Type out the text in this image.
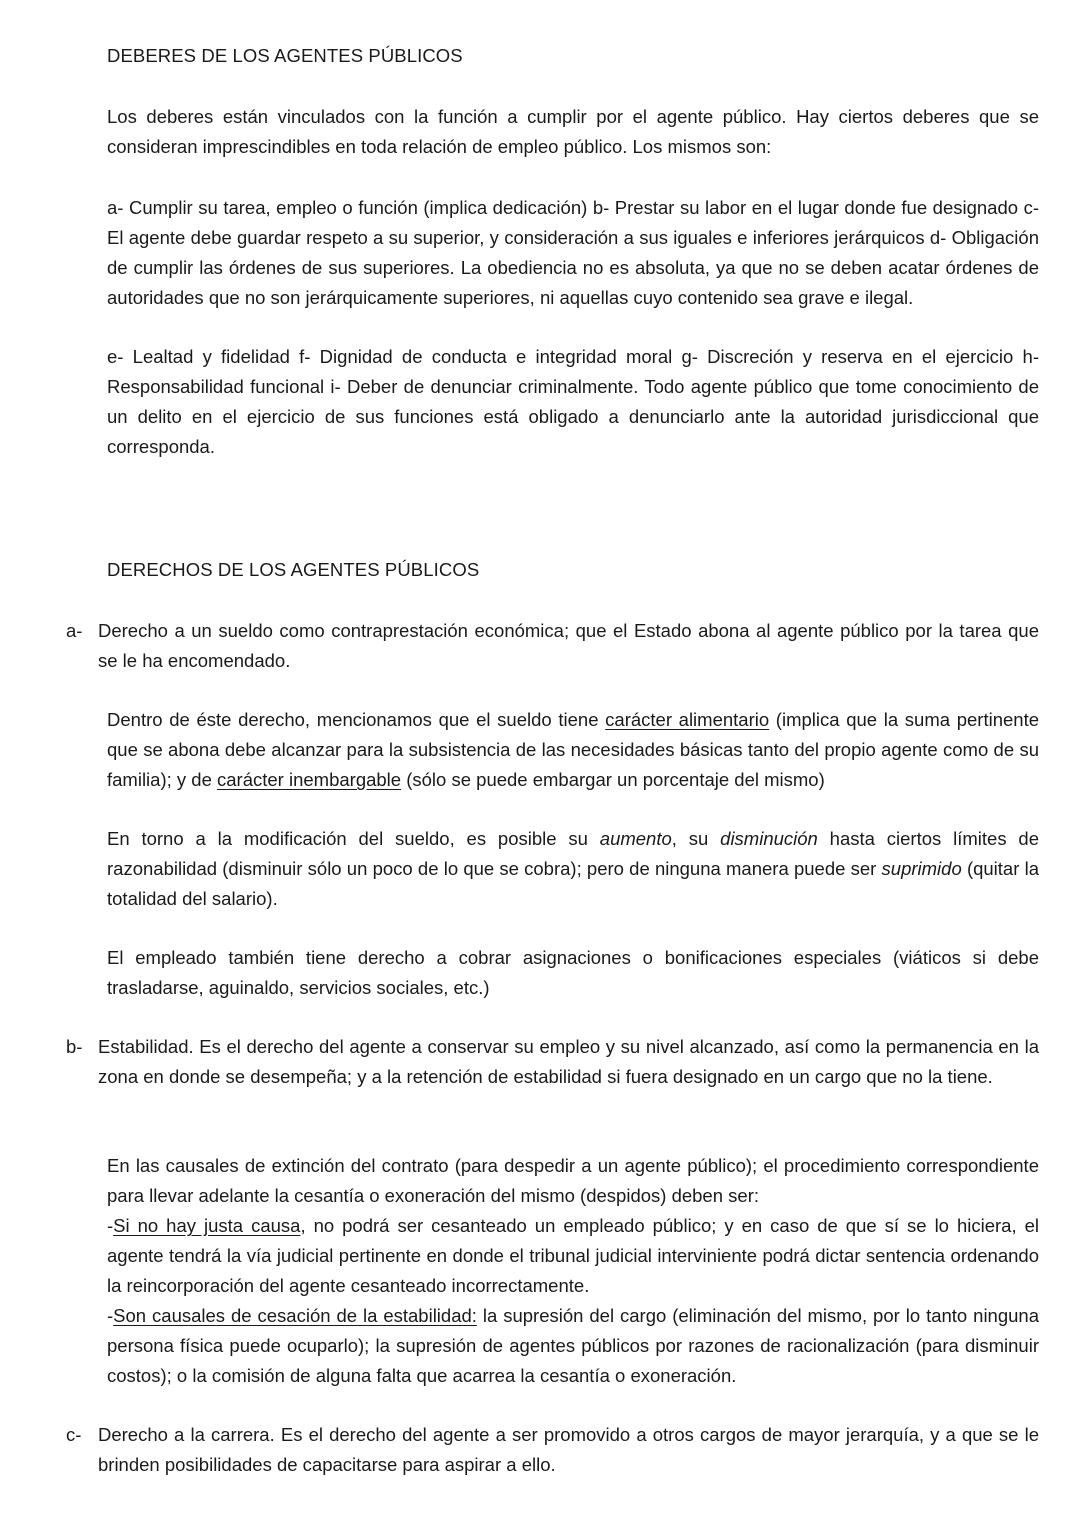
DEBERES DE LOS AGENTES PÚBLICOS

Los deberes están vinculados con la función a cumplir por el agente público. Hay ciertos deberes que se consideran imprescindibles en toda relación de empleo público. Los mismos son:

a- Cumplir su tarea, empleo o función (implica dedicación) b- Prestar su labor en el lugar donde fue designado c- El agente debe guardar respeto a su superior, y consideración a sus iguales e inferiores jerárquicos d- Obligación de cumplir las órdenes de sus superiores. La obediencia no es absoluta, ya que no se deben acatar órdenes de autoridades que no son jerárquicamente superiores, ni aquellas cuyo contenido sea grave e ilegal.

e- Lealtad y fidelidad f- Dignidad de conducta e integridad moral g- Discreción y reserva en el ejercicio h- Responsabilidad funcional i- Deber de denunciar criminalmente. Todo agente público que tome conocimiento de un delito en el ejercicio de sus funciones está obligado a denunciarlo ante la autoridad jurisdiccional que corresponda.

DERECHOS DE LOS AGENTES PÚBLICOS
a- Derecho a un sueldo como contraprestación económica; que el Estado abona al agente público por la tarea que se le ha encomendado.

Dentro de éste derecho, mencionamos que el sueldo tiene carácter alimentario (implica que la suma pertinente que se abona debe alcanzar para la subsistencia de las necesidades básicas tanto del propio agente como de su familia); y de carácter inembargable (sólo se puede embargar un porcentaje del mismo)

En torno a la modificación del sueldo, es posible su aumento, su disminución hasta ciertos límites de razonabilidad (disminuir sólo un poco de lo que se cobra); pero de ninguna manera puede ser suprimido (quitar la totalidad del salario).

El empleado también tiene derecho a cobrar asignaciones o bonificaciones especiales (viáticos si debe trasladarse, aguinaldo, servicios sociales, etc.)

b- Estabilidad. Es el derecho del agente a conservar su empleo y su nivel alcanzado, así como la permanencia en la zona en donde se desempeña; y a la retención de estabilidad si fuera designado en un cargo que no la tiene.
En las causales de extinción del contrato (para despedir a un agente público); el procedimiento correspondiente para llevar adelante la cesantía o exoneración del mismo (despidos) deben ser:
-Si no hay justa causa, no podrá ser cesanteado un empleado público; y en caso de que sí se lo hiciera, el agente tendrá la vía judicial pertinente en donde el tribunal judicial interviniente podrá dictar sentencia ordenando la reincorporación del agente cesanteado incorrectamente.
-Son causales de cesación de la estabilidad: la supresión del cargo (eliminación del mismo, por lo tanto ninguna persona física puede ocuparlo); la supresión de agentes públicos por razones de racionalización (para disminuir costos); o la comisión de alguna falta que acarrea la cesantía o exoneración.
c- Derecho a la carrera. Es el derecho del agente a ser promovido a otros cargos de mayor jerarquía, y a que se le brinden posibilidades de capacitarse para aspirar a ello.
